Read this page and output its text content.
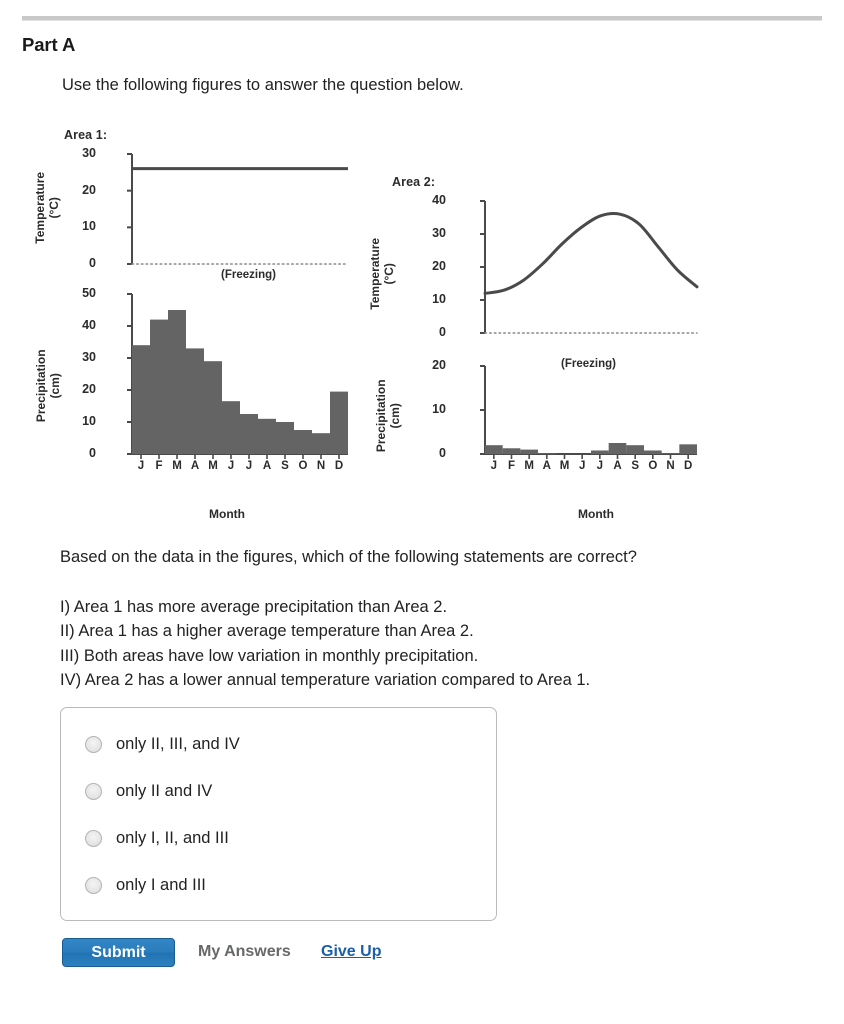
Part A
Use the following figures to answer the question below.
Area 1:
Area 2:
Temperature
(°C)
Precipitation
(cm)
Temperature
(°C)
Precipitation
(cm)
(Freezing)
(Freezing)
Month	Month
0
10
20
30
0
10
20
30
40
50
J F M A M J	J A S O N D
0
10
20
30
40
0
10
20
J F M A M J J A S O N D
Based on the data in the figures, which of the following statements are correct?
I) Area 1 has more average precipitation than Area 2.
II) Area 1 has a higher average temperature than Area 2.
III) Both areas have low variation in monthly precipitation.
IV) Area 2 has a lower annual temperature variation compared to Area 1.
only II, III, and IV
only II and IV
only I, II, and III
only I and III
Submit	My Answers Give Up
